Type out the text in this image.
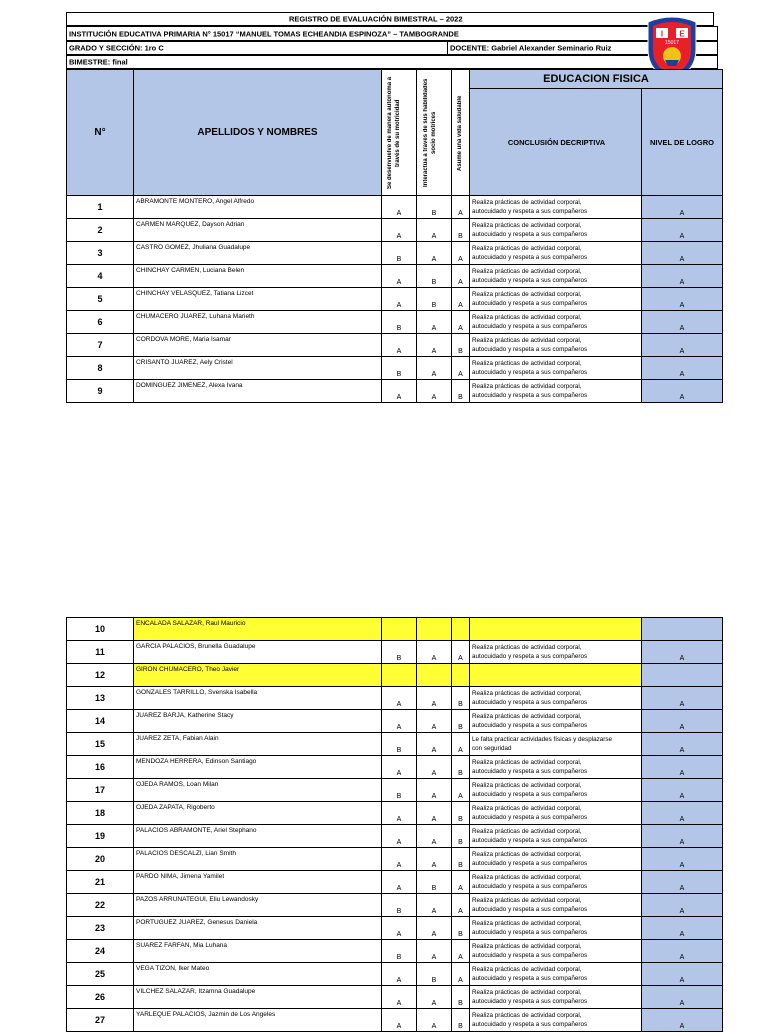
REGISTRO DE EVALUACIÓN BIMESTRAL – 2022
INSTITUCIÓN EDUCATIVA PRIMARIA N° 15017 “MANUEL TOMAS ECHEANDIA ESPINOZA” – TAMBOGRANDE
GRADO Y SECCIÓN: 1ro C	DOCENTE: Gabriel Alexander Seminario Ruiz
BIMESTRE: final
I E
15017
N°	APELLIDOS Y NOMBRES	Se desenvuelve de manera autónoma a través de su motricidad	Interactúa a través de sus habilidades socio motrices	Asume una vida saludable	EDUCACION FISICA	
					CONCLUSIÓN DECRIPTIVA	NIVEL DE LOGRO
1	ABRAMONTE MONTERO, Angel Alfredo	A	B	A	Realiza prácticas de actividad corporal,
autocuidado y respeta a sus compañeros	A
2	CARMEN MARQUEZ, Dayson Adrian	A	A	B	Realiza prácticas de actividad corporal,
autocuidado y respeta a sus compañeros	A
3	CASTRO GOMEZ, Jhuliana Guadalupe	B	A	A	Realiza prácticas de actividad corporal,
autocuidado y respeta a sus compañeros	A
4	CHINCHAY CARMEN, Luciana Belen	A	B	A	Realiza prácticas de actividad corporal,
autocuidado y respeta a sus compañeros	A
5	CHINCHAY VELASQUEZ, Tatiana Lizcet	A	B	A	Realiza prácticas de actividad corporal,
autocuidado y respeta a sus compañeros	A
6	CHUMACERO JUAREZ, Luhana Marieth	B	A	A	Realiza prácticas de actividad corporal,
autocuidado y respeta a sus compañeros	A
7	CORDOVA MORE, Maria Isamar	A	A	B	Realiza prácticas de actividad corporal,
autocuidado y respeta a sus compañeros	A
8	CRISANTO JUAREZ, Aely Cristel	B	A	A	Realiza prácticas de actividad corporal,
autocuidado y respeta a sus compañeros	A
9	DOMINGUEZ JIMENEZ, Alexa Ivana	A	A	B	Realiza prácticas de actividad corporal,
autocuidado y respeta a sus compañeros	A
10	ENCALADA SALAZAR, Raul Mauricio					
11	GARCIA PALACIOS, Brunella Guadalupe	B	A	A	Realiza prácticas de actividad corporal,
autocuidado y respeta a sus compañeros	A
12	GIRON CHUMACERO, Theo Javier					
13	GONZALES TARRILLO, Svenska Isabella	A	A	B	Realiza prácticas de actividad corporal,
autocuidado y respeta a sus compañeros	A
14	JUAREZ BARJA, Katherine Stacy	A	A	B	Realiza prácticas de actividad corporal,
autocuidado y respeta a sus compañeros	A
15	JUAREZ ZETA, Fabian Alain	B	A	A	Le falta practicar actividades físicas y desplazarse
con seguridad	A
16	MENDOZA HERRERA, Edinson Santiago	A	A	B	Realiza prácticas de actividad corporal,
autocuidado y respeta a sus compañeros	A
17	OJEDA RAMOS, Loan Milan	B	A	A	Realiza prácticas de actividad corporal,
autocuidado y respeta a sus compañeros	A
18	OJEDA ZAPATA, Rigoberto	A	A	B	Realiza prácticas de actividad corporal,
autocuidado y respeta a sus compañeros	A
19	PALACIOS ABRAMONTE, Ariel Stephano	A	A	B	Realiza prácticas de actividad corporal,
autocuidado y respeta a sus compañeros	A
20	PALACIOS DESCALZI, Lian Smith	A	A	B	Realiza prácticas de actividad corporal,
autocuidado y respeta a sus compañeros	A
21	PARDO NIMA, Jimena Yamilet	A	B	A	Realiza prácticas de actividad corporal,
autocuidado y respeta a sus compañeros	A
22	PAZOS ARRUNATEGUI, Eliu Lewandosky	B	A	A	Realiza prácticas de actividad corporal,
autocuidado y respeta a sus compañeros	A
23	PORTUGUEZ JUAREZ, Genesus Daniela	A	A	B	Realiza prácticas de actividad corporal,
autocuidado y respeta a sus compañeros	A
24	SUAREZ FARFAN, Mia Luhana	B	A	A	Realiza prácticas de actividad corporal,
autocuidado y respeta a sus compañeros	A
25	VEGA TIZON, Iker Mateo	A	B	A	Realiza prácticas de actividad corporal,
autocuidado y respeta a sus compañeros	A
26	VILCHEZ SALAZAR, Itzamna Guadalupe	A	A	B	Realiza prácticas de actividad corporal,
autocuidado y respeta a sus compañeros	A
27	YARLEQUE PALACIOS, Jazmin de Los Angeles	A	A	B	Realiza prácticas de actividad corporal,
autocuidado y respeta a sus compañeros	A
